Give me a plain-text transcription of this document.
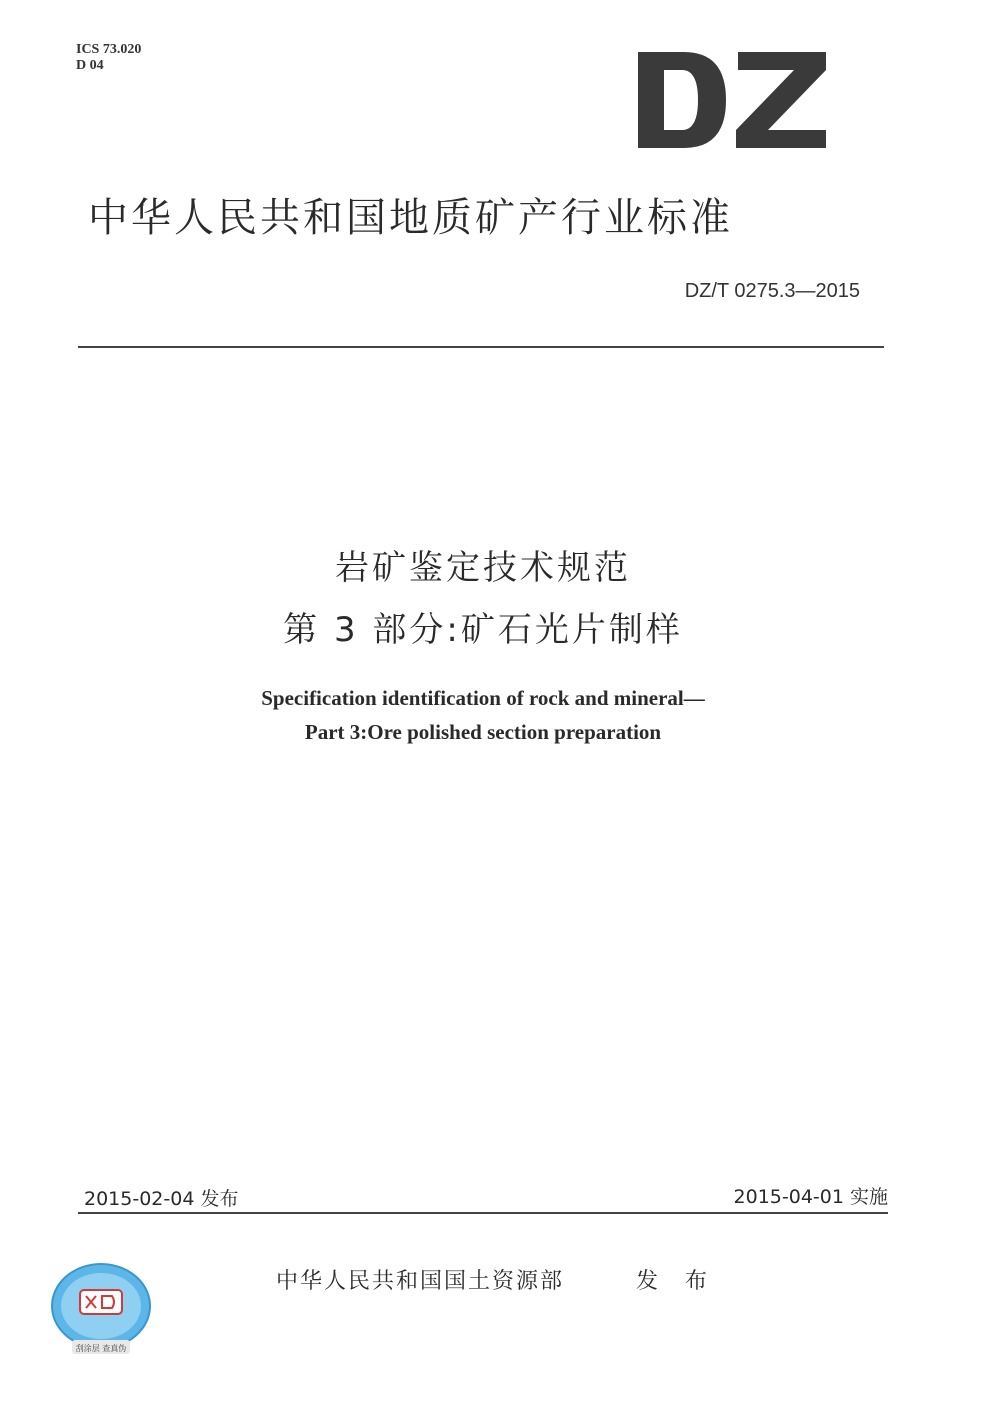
ICS 73.020
D 04
中华人民共和国地质矿产行业标准
DZ/T 0275.3—2015
岩矿鉴定技术规范
第 3 部分:矿石光片制样
Specification identification of rock and mineral—
Part 3:Ore polished section preparation
2015-02-04 发布	2015-04-01 实施
刮涂层 查真伪
中华人民共和国国土资源部	发 布
